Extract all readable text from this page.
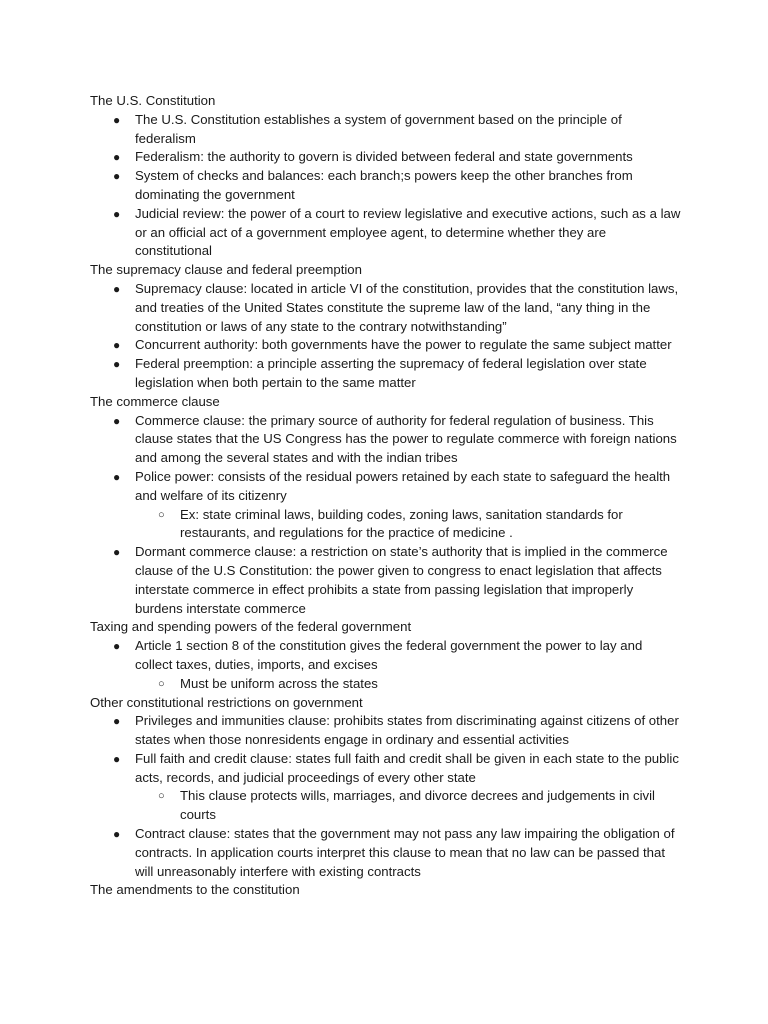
The U.S. Constitution
● The U.S. Constitution establishes a system of government based on the principle of federalism
● Federalism: the authority to govern is divided between federal and state governments
● System of checks and balances: each branch;s powers keep the other branches from dominating the government
● Judicial review: the power of a court to review legislative and executive actions, such as a law or an official act of a government employee agent, to determine whether they are constitutional
The supremacy clause and federal preemption
● Supremacy clause: located in article VI of the constitution, provides that the constitution laws, and treaties of the United States constitute the supreme law of the land, “any thing in the constitution or laws of any state to the contrary notwithstanding”
● Concurrent authority: both governments have the power to regulate the same subject matter
● Federal preemption: a principle asserting the supremacy of federal legislation over state legislation when both pertain to the same matter
The commerce clause
● Commerce clause: the primary source of authority for federal regulation of business. This clause states that the US Congress has the power to regulate commerce with foreign nations and among the several states and with the indian tribes
● Police power: consists of the residual powers retained by each state to safeguard the health and welfare of its citizenry
○ Ex: state criminal laws, building codes, zoning laws, sanitation standards for restaurants, and regulations for the practice of medicine .
● Dormant commerce clause: a restriction on state’s authority that is implied in the commerce clause of the U.S Constitution: the power given to congress to enact legislation that affects interstate commerce in effect prohibits a state from passing legislation that improperly burdens interstate commerce
Taxing and spending powers of the federal government
● Article 1 section 8 of the constitution gives the federal government the power to lay and collect taxes, duties, imports, and excises
○ Must be uniform across the states
Other constitutional restrictions on government
● Privileges and immunities clause: prohibits states from discriminating against citizens of other states when those nonresidents engage in ordinary and essential activities
● Full faith and credit clause: states full faith and credit shall be given in each state to the public acts, records, and judicial proceedings of every other state
○ This clause protects wills, marriages, and divorce decrees and judgements in civil courts
● Contract clause: states that the government may not pass any law impairing the obligation of contracts. In application courts interpret this clause to mean that no law can be passed that will unreasonably interfere with existing contracts
The amendments to the constitution
